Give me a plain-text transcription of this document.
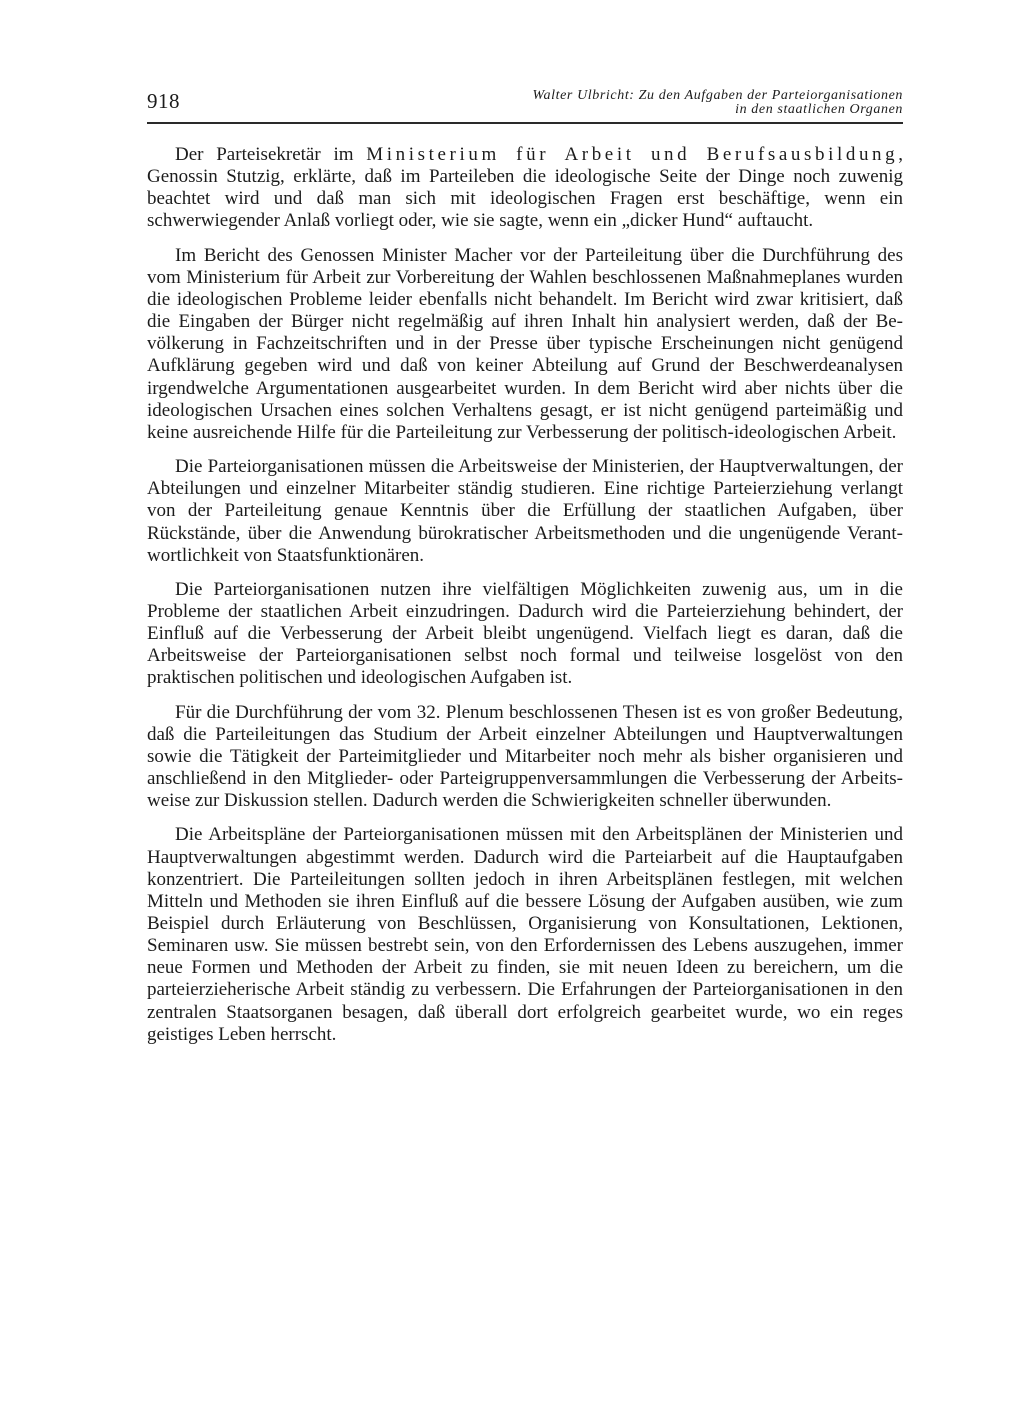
918	Walter Ulbricht: Zu den Aufgaben der Parteiorganisationen
in den staatlichen Organen

Der Parteisekretär im Ministerium für Arbeit und Berufsausbildung, Genossin Stutzig, erklärte, daß im Parteileben die ideologische Seite der Dinge noch zuwenig beachtet wird und daß man sich mit ideologischen Fragen erst beschäftige, wenn ein schwerwiegender Anlaß vorliegt oder, wie sie sagte, wenn ein „dicker Hund“ auftaucht.

Im Bericht des Genossen Minister Macher vor der Parteileitung über die Durchführung des vom Ministerium für Arbeit zur Vorbereitung der Wahlen beschlossenen Maßnahmeplanes wurden die ideologischen Probleme leider ebenfalls nicht behandelt. Im Bericht wird zwar kritisiert, daß die Eingaben der Bürger nicht regelmäßig auf ihren Inhalt hin analysiert werden, daß der Bevölkerung in Fachzeitschriften und in der Presse über typische Erscheinungen nicht genügend Aufklärung gegeben wird und daß von keiner Abteilung auf Grund der Beschwerdeanalysen irgendwelche Argumentationen ausgearbeitet wurden. In dem Bericht wird aber nichts über die ideologischen Ursachen eines solchen Verhaltens gesagt, er ist nicht genügend parteimäßig und keine ausreichende Hilfe für die Parteileitung zur Verbesserung der politisch-ideologischen Arbeit.

Die Parteiorganisationen müssen die Arbeitsweise der Ministerien, der Hauptverwaltungen, der Abteilungen und einzelner Mitarbeiter ständig studieren. Eine richtige Parteierziehung verlangt von der Parteileitung genaue Kenntnis über die Erfüllung der staatlichen Aufgaben, über Rückstände, über die Anwendung bürokratischer Arbeitsmethoden und die ungenügende Verantwortlichkeit von Staatsfunktionären.

Die Parteiorganisationen nutzen ihre vielfältigen Möglichkeiten zuwenig aus, um in die Probleme der staatlichen Arbeit einzudringen. Dadurch wird die Parteierziehung behindert, der Einfluß auf die Verbesserung der Arbeit bleibt ungenügend. Vielfach liegt es daran, daß die Arbeitsweise der Parteiorganisationen selbst noch formal und teilweise losgelöst von den praktischen politischen und ideologischen Aufgaben ist.

Für die Durchführung der vom 32. Plenum beschlossenen Thesen ist es von großer Bedeutung, daß die Parteileitungen das Studium der Arbeit einzelner Abteilungen und Hauptverwaltungen sowie die Tätigkeit der Parteimitglieder und Mitarbeiter noch mehr als bisher organisieren und anschließend in den Mitglieder- oder Parteigruppenversammlungen die Verbesserung der Arbeitsweise zur Diskussion stellen. Dadurch werden die Schwierigkeiten schneller überwunden.

Die Arbeitspläne der Parteiorganisationen müssen mit den Arbeitsplänen der Ministerien und Hauptverwaltungen abgestimmt werden. Dadurch wird die Parteiarbeit auf die Hauptaufgaben konzentriert. Die Parteileitungen sollten jedoch in ihren Arbeitsplänen festlegen, mit welchen Mitteln und Methoden sie ihren Einfluß auf die bessere Lösung der Aufgaben ausüben, wie zum Beispiel durch Erläuterung von Beschlüssen, Organisierung von Konsultationen, Lektionen, Seminaren usw. Sie müssen bestrebt sein, von den Erfordernissen des Lebens auszugehen, immer neue Formen und Methoden der Arbeit zu finden, sie mit neuen Ideen zu bereichern, um die parteierzieherische Arbeit ständig zu verbessern. Die Erfahrungen der Parteiorganisationen in den zentralen Staatsorganen besagen, daß überall dort erfolgreich gearbeitet wurde, wo ein reges geistiges Leben herrscht.
